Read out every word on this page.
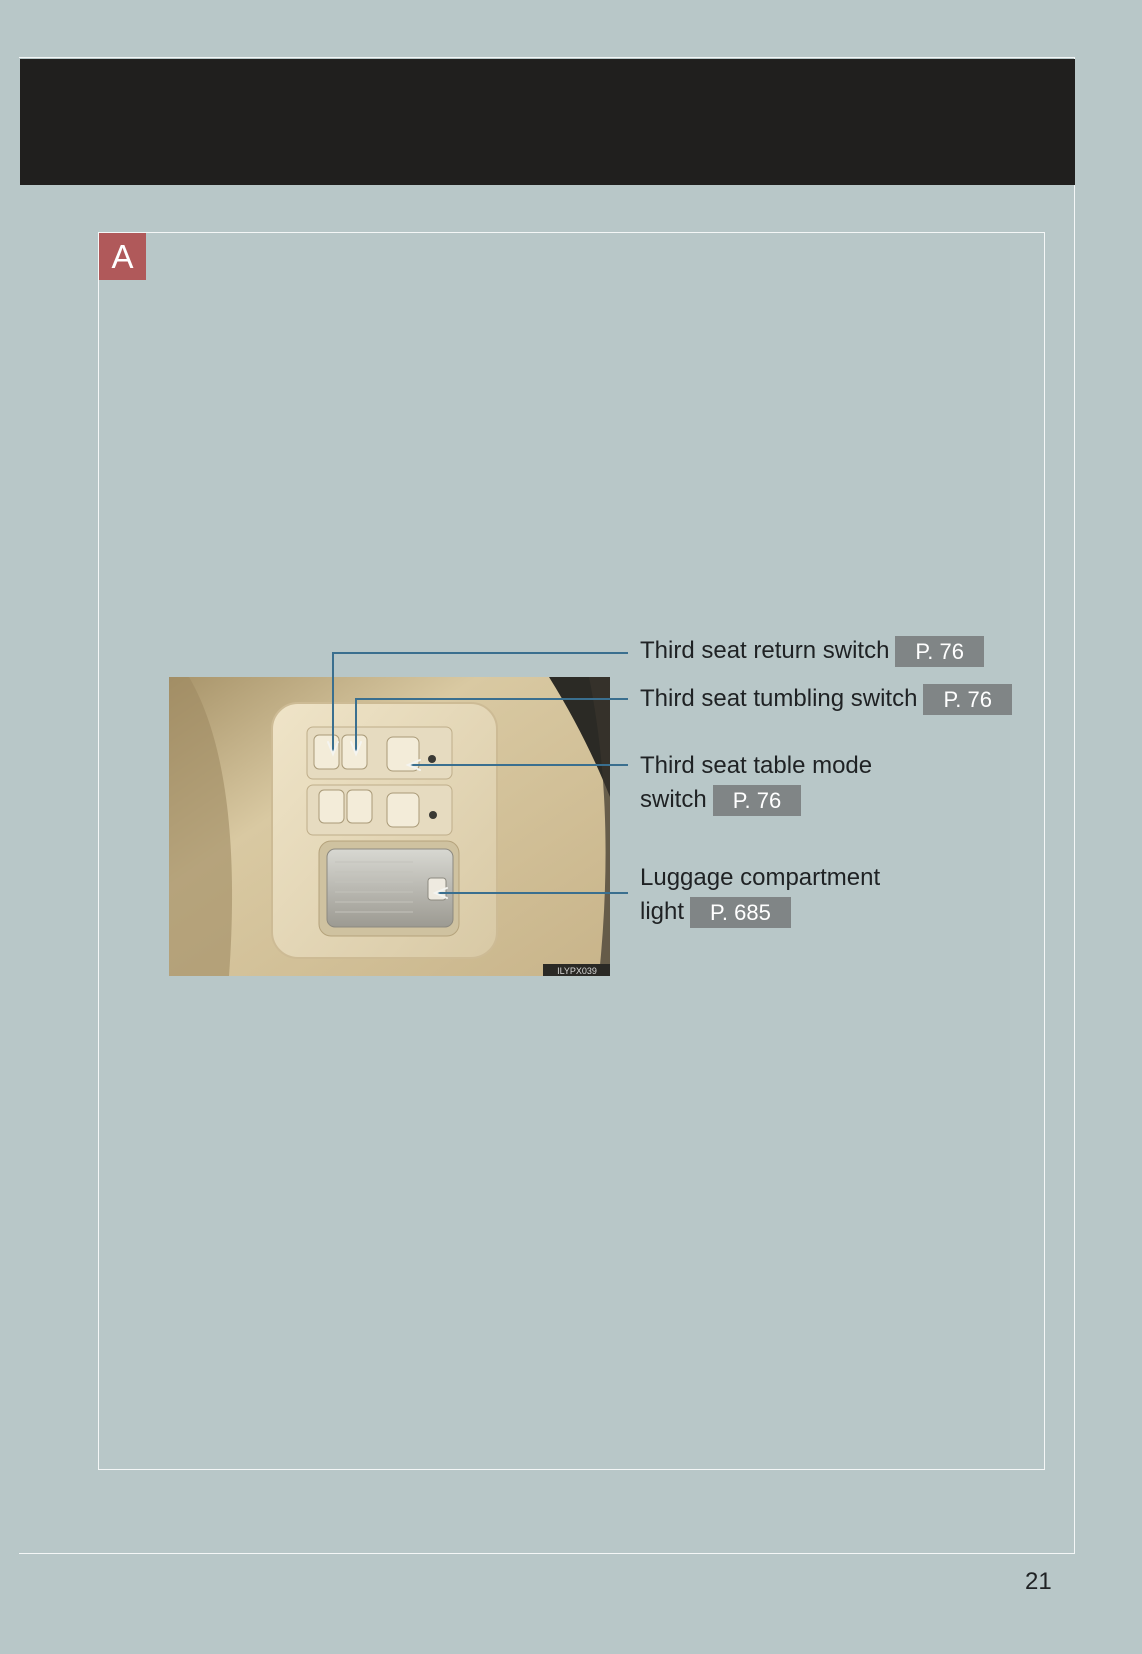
A
ILYPX039
Third seat return switch P. 76
Third seat tumbling switch P. 76
Third seat table mode
switch P. 76
Luggage compartment
light P. 685
21
